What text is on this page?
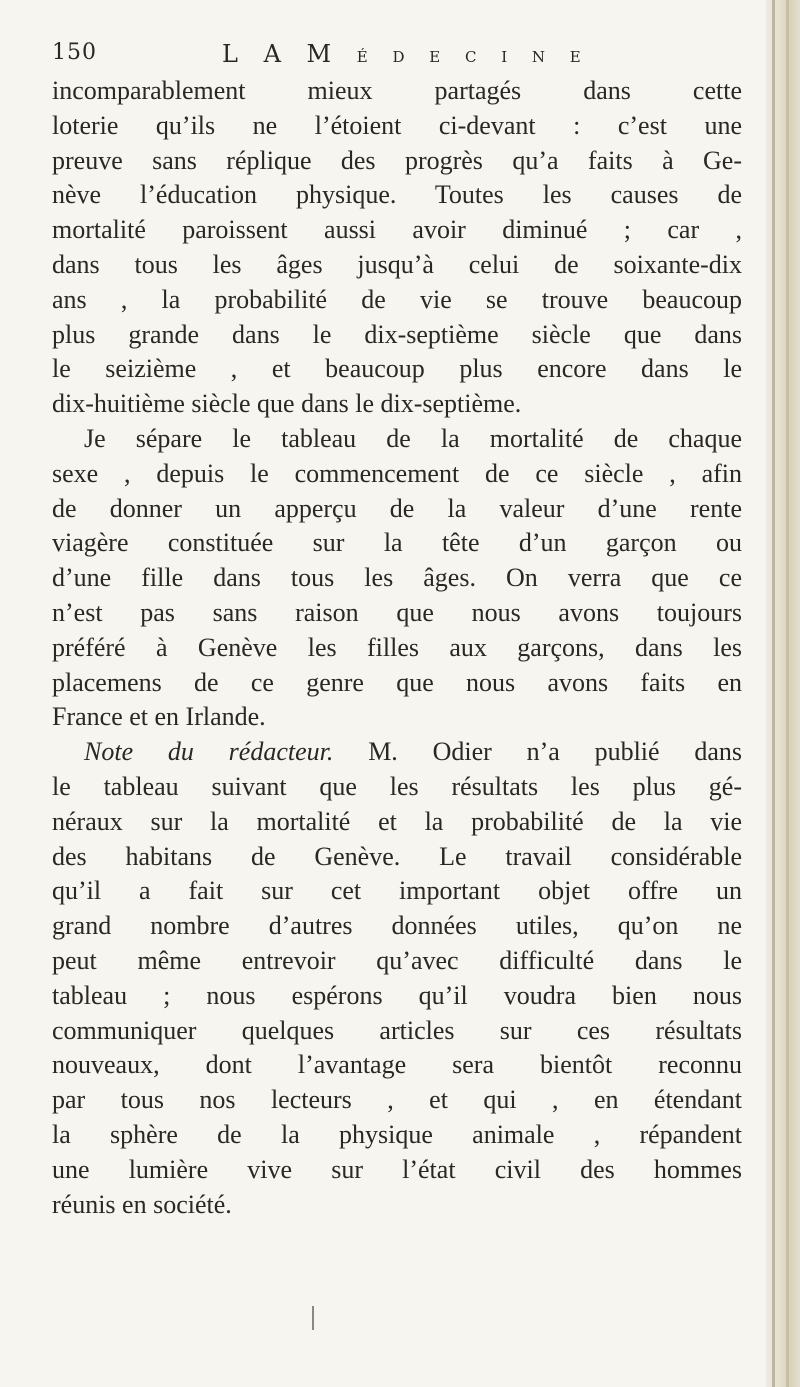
150	L A M É D E C I N E
incomparablement mieux partagés dans cette
loterie qu’ils ne l’étoient ci-devant : c’est une
preuve sans réplique des progrès qu’a faits à Ge-
nève l’éducation physique. Toutes les causes de
mortalité paroissent aussi avoir diminué ; car ,
dans tous les âges jusqu’à celui de soixante-dix
ans , la probabilité de vie se trouve beaucoup
plus grande dans le dix-septième siècle que dans
le seizième , et beaucoup plus encore dans le
dix-huitième siècle que dans le dix-septième.
Je sépare le tableau de la mortalité de chaque
sexe , depuis le commencement de ce siècle , afin
de donner un apperçu de la valeur d’une rente
viagère constituée sur la tête d’un garçon ou
d’une fille dans tous les âges. On verra que ce
n’est pas sans raison que nous avons toujours
préféré à Genève les filles aux garçons, dans les
placemens de ce genre que nous avons faits en
France et en Irlande.
Note du rédacteur. M. Odier n’a publié dans
le tableau suivant que les résultats les plus gé-
néraux sur la mortalité et la probabilité de la vie
des habitans de Genève. Le travail considérable
qu’il a fait sur cet important objet offre un
grand nombre d’autres données utiles, qu’on ne
peut même entrevoir qu’avec difficulté dans le
tableau ; nous espérons qu’il voudra bien nous
communiquer quelques articles sur ces résultats
nouveaux, dont l’avantage sera bientôt reconnu
par tous nos lecteurs , et qui , en étendant
la sphère de la physique animale , répandent
une lumière vive sur l’état civil des hommes
réunis en société.
